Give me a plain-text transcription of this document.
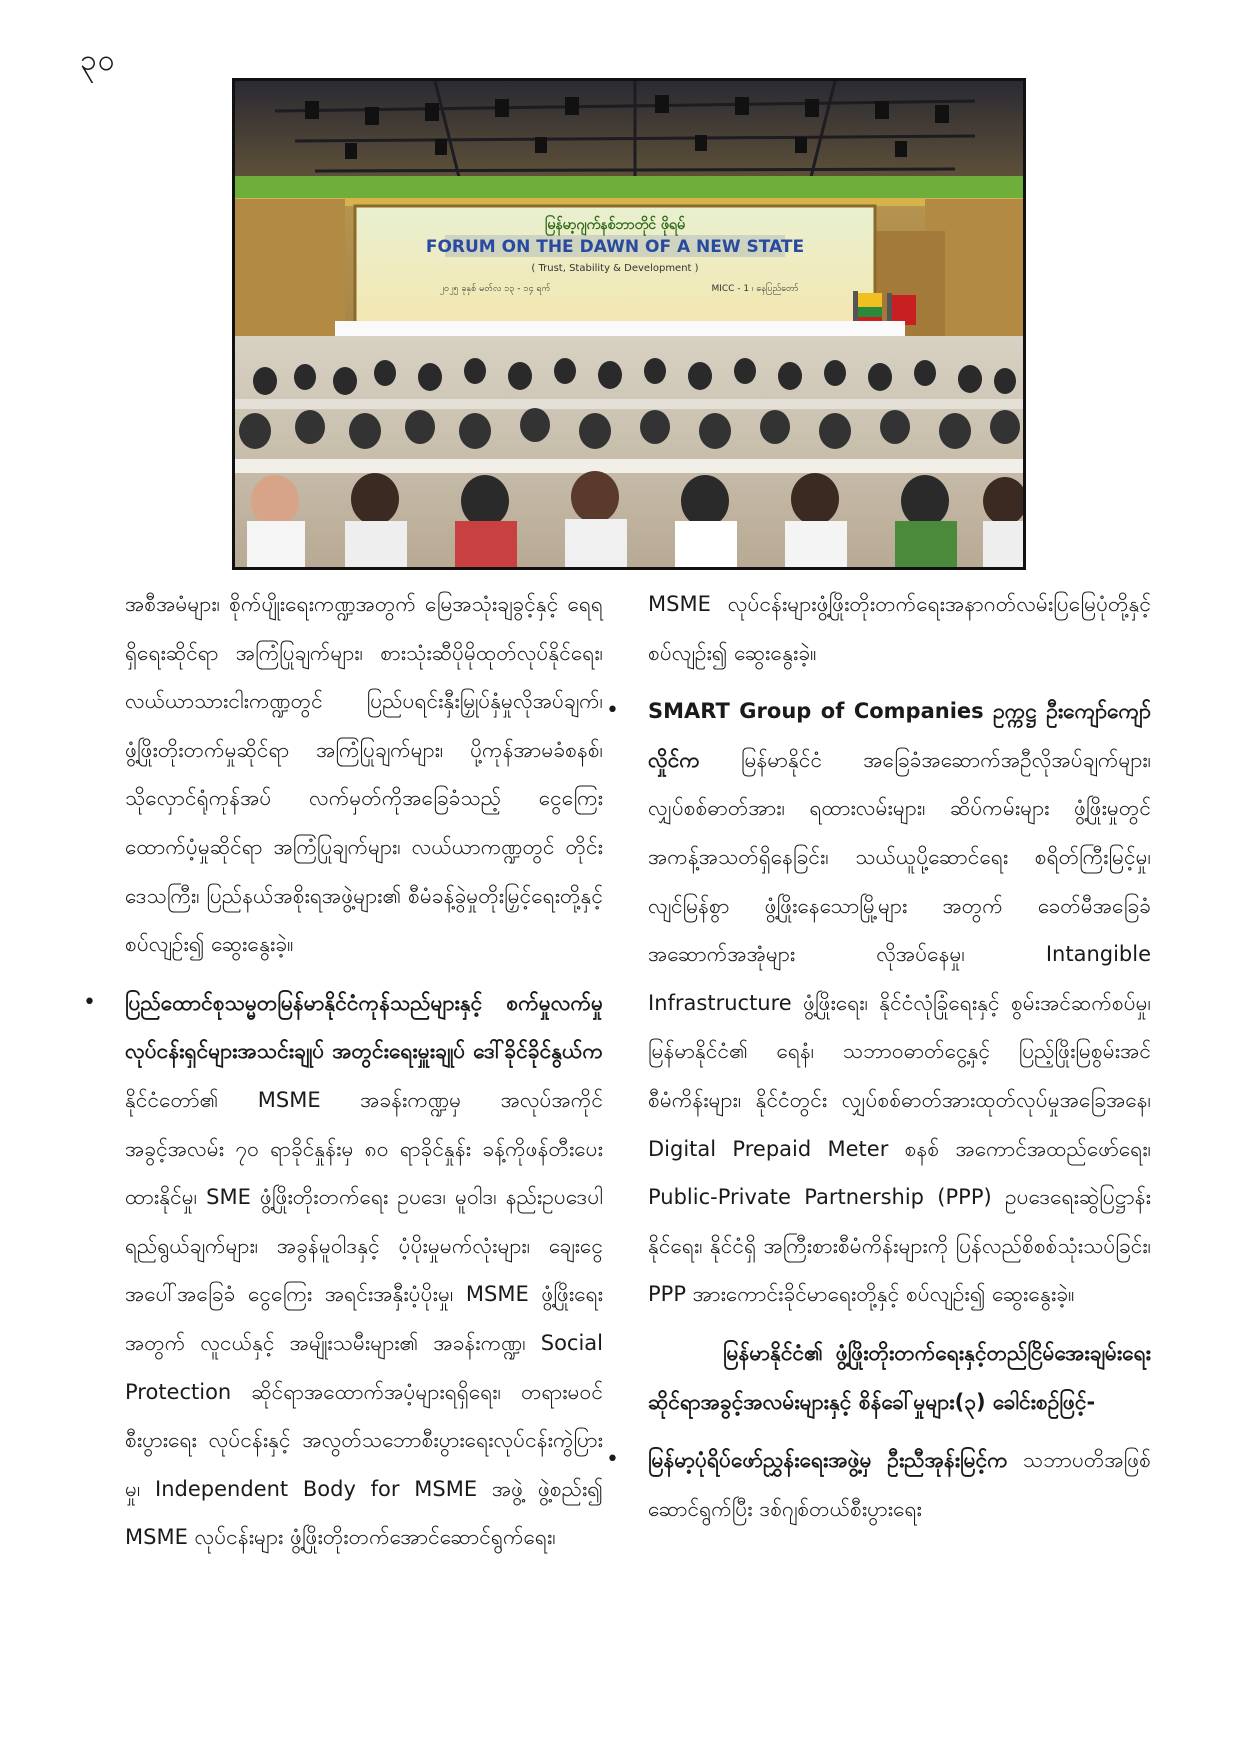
၃၀
မြန်မာ့ဂျက်နစ်ဘာတိုင် ဖိုရမ်
FORUM ON THE DAWN OF A NEW STATE
( Trust, Stability & Development )
၂၀၂၅ ခုနှစ် မတ်လ ၁၃ - ၁၄ ရက်	MICC - 1 ၊ နေပြည်တော်

အစီအမံများ၊ စိုက်ပျိုးရေးကဏ္ဍအတွက် မြေအသုံးချခွင့်နှင့် ရေရရှိရေးဆိုင်ရာ အကြံပြုချက်များ၊ စားသုံးဆီပိုမိုထုတ်လုပ်နိုင်ရေး၊ လယ်ယာသားငါးကဏ္ဍတွင် ပြည်ပရင်းနှီးမြှုပ်နှံမှုလိုအပ်ချက်၊ ဖွံ့ဖြိုးတိုးတက်မှုဆိုင်ရာ အကြံပြုချက်များ၊ ပို့ကုန်အာမခံစနစ်၊ သိုလှောင်ရုံကုန်အပ် လက်မှတ်ကိုအခြေခံသည့် ငွေကြေးထောက်ပံ့မှုဆိုင်ရာ အကြံပြုချက်များ၊ လယ်ယာကဏ္ဍတွင် တိုင်းဒေသကြီး၊ ပြည်နယ်အစိုးရအဖွဲ့များ၏ စီမံခန့်ခွဲမှုတိုးမြှင့်ရေးတို့နှင့် စပ်လျဉ်း၍ ဆွေးနွေးခဲ့။

• ပြည်ထောင်စုသမ္မတမြန်မာနိုင်ငံကုန်သည်များနှင့် စက်မှုလက်မှုလုပ်ငန်းရှင်များအသင်းချုပ် အတွင်းရေးမှူးချုပ် ဒေါ်ခိုင်ခိုင်နွယ်က နိုင်ငံတော်၏ MSME အခန်းကဏ္ဍမှ အလုပ်အကိုင်အခွင့်အလမ်း ၇၀ ရာခိုင်နှုန်းမှ ၈၀ ရာခိုင်နှုန်း ခန့်ကိုဖန်တီးပေးထားနိုင်မှု၊ SME ဖွံ့ဖြိုးတိုးတက်ရေး ဥပဒေ၊ မူဝါဒ၊ နည်းဥပဒေပါရည်ရွယ်ချက်များ၊ အခွန်မူဝါဒနှင့် ပံ့ပိုးမှုမက်လုံးများ၊ ချေးငွေအပေါ်အခြေခံ ငွေကြေး အရင်းအနှီးပံ့ပိုးမှု၊ MSME ဖွံ့ဖြိုးရေးအတွက် လူငယ်နှင့် အမျိုးသမီးများ၏ အခန်းကဏ္ဍ၊ Social Protection ဆိုင်ရာအထောက်အပံ့များရရှိရေး၊ တရားမဝင်စီးပွားရေး လုပ်ငန်းနှင့် အလွတ်သဘောစီးပွားရေးလုပ်ငန်းကွဲပြားမှု၊ Independent Body for MSME အဖွဲ့ ဖွဲ့စည်း၍ MSME လုပ်ငန်းများ ဖွံ့ဖြိုးတိုးတက်အောင်ဆောင်ရွက်ရေး၊

MSME လုပ်ငန်းများဖွံ့ဖြိုးတိုးတက်ရေးအနာဂတ်လမ်းပြမြေပုံတို့နှင့်စပ်လျဉ်း၍ ဆွေးနွေးခဲ့။

• SMART Group of Companies ဥက္ကဋ္ဌ ဦးကျော်ကျော်လှိုင်က မြန်မာနိုင်ငံ အခြေခံအဆောက်အဦလိုအပ်ချက်များ၊ လျှပ်စစ်ဓာတ်အား၊ ရထားလမ်းများ၊ ဆိပ်ကမ်းများ ဖွံ့ဖြိုးမှုတွင် အကန့်အသတ်ရှိနေခြင်း၊ သယ်ယူပို့ဆောင်ရေး စရိတ်ကြီးမြင့်မှု၊ လျင်မြန်စွာ ဖွံ့ဖြိုးနေသောမြို့များ အတွက် ခေတ်မီအခြေခံအဆောက်အအုံများ လိုအပ်နေမှု၊ Intangible Infrastructure ဖွံ့ဖြိုးရေး၊ နိုင်ငံလုံခြုံရေးနှင့် စွမ်းအင်ဆက်စပ်မှု၊ မြန်မာနိုင်ငံ၏ ရေနံ၊ သဘာဝဓာတ်ငွေ့နှင့် ပြည့်ဖြိုးမြစွမ်းအင် စီမံကိန်းများ၊ နိုင်ငံတွင်း လျှပ်စစ်ဓာတ်အားထုတ်လုပ်မှုအခြေအနေ၊ Digital Prepaid Meter စနစ် အကောင်အထည်ဖော်ရေး၊ Public-Private Partnership (PPP) ဥပဒေရေးဆွဲပြဋ္ဌာန်းနိုင်ရေး၊ နိုင်ငံရှိ အကြီးစားစီမံကိန်းများကို ပြန်လည်စိစစ်သုံးသပ်ခြင်း၊ PPP အားကောင်းခိုင်မာရေးတို့နှင့် စပ်လျဉ်း၍ ဆွေးနွေးခဲ့။

မြန်မာနိုင်ငံ၏ ဖွံ့ဖြိုးတိုးတက်ရေးနှင့်တည်ငြိမ်အေးချမ်းရေးဆိုင်ရာအခွင့်အလမ်းများနှင့် စိန်ခေါ်မှုများ(၃) ခေါင်းစဉ်ဖြင့်-

• မြန်မာ့ပုံရိပ်ဖော်ညွှန်းရေးအဖွဲ့မှ ဦးညီအုန်းမြင့်က သဘာပတိအဖြစ်ဆောင်ရွက်ပြီး ဒစ်ဂျစ်တယ်စီးပွားရေး
